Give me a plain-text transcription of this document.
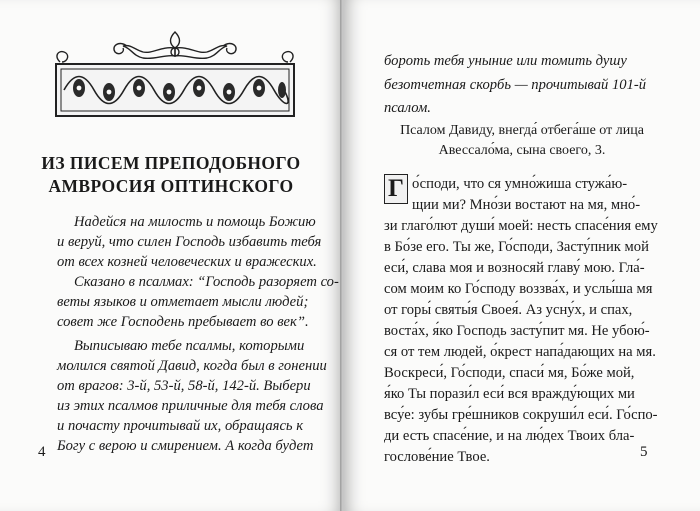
ИЗ ПИСЕМ ПРЕПОДОБНОГО
АМВРОСИЯ ОПТИНСКОГО
Надейся на милость и помощь Божию
и веруй, что силен Господь избавить тебя
от всех козней человеческих и вражеских.
Сказано в псалмах: “Господь разоряет со-
веты языков и отметает мысли людей;
совет же Господень пребывает во век”.
Выписываю тебе псалмы, которыми
молился святой Давид, когда был в гонении
от врагов: 3-й, 53-й, 58-й, 142-й. Выбери
из этих псалмов приличные для тебя слова
и почасту прочитывай их, обращаясь к
Богу с верою и смирением. А когда будет
4
бороть тебя уныние или томить душу
безотчетная скорбь — прочитывай 101-й
псалом.
Псалом Давиду, внегда́ отбега́ше от лица
Авессало́ма, сына своего, 3.
Г о́споди, что ся умно́жиша стужа́ю-
щии ми? Мно́зи востают на мя, мно́-
зи глаго́лют души́ моей: несть спасе́ния ему
в Бо́зе его. Ты же, Го́споди, Засту́пник мой
еси́, слава моя и возносяй главу́ мою. Гла́-
сом моим ко Го́споду воззва́х, и услы́ша мя
от горы́ святы́я Своея́. Аз усну́х, и спах,
воста́х, я́ко Господь засту́пит мя. Не убою́-
ся от тем людей, о́крест напа́дающих на мя.
Воскреси́, Го́споди, спаси́ мя, Бо́же мой,
я́ко Ты порази́л еси́ вся вражду́ющих ми
всу́е: зубы гре́шников сокруши́л еси́. Го́спо-
ди есть спасе́ние, и на лю́дех Твоих бла-
гослове́ние Твое.	5
